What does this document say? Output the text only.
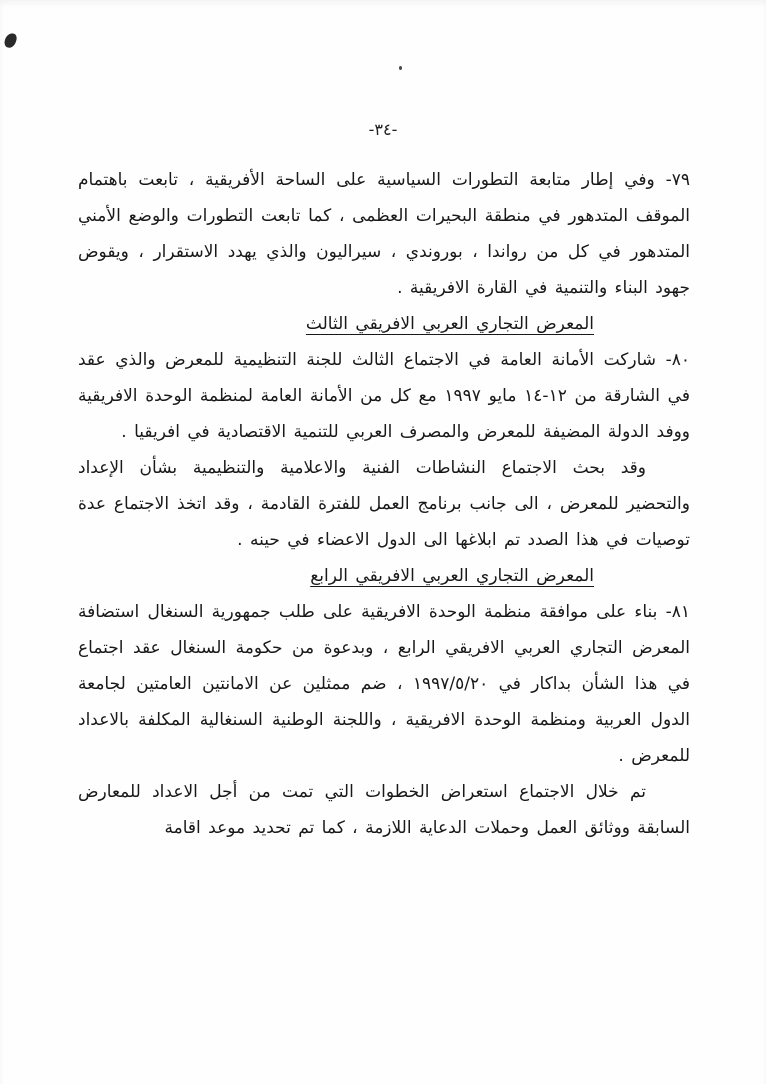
-٣٤-

٧٩- وفي إطار متابعة التطورات السياسية على الساحة الأفريقية ، تابعت باهتمام الموقف المتدهور في منطقة البحيرات العظمى ، كما تابعت التطورات والوضع الأمني المتدهور في كل من رواندا ، بوروندي ، سيراليون والذي يهدد الاستقرار ، ويقوض جهود البناء والتنمية في القارة الافريقية .

المعرض التجاري العربي الافريقي الثالث

٨٠- شاركت الأمانة العامة في الاجتماع الثالث للجنة التنظيمية للمعرض والذي عقد في الشارقة من ١٢-١٤ مايو ١٩٩٧ مع كل من الأمانة العامة لمنظمة الوحدة الافريقية ووفد الدولة المضيفة للمعرض والمصرف العربي للتنمية الاقتصادية في افريقيا .

وقد بحث الاجتماع النشاطات الفنية والاعلامية والتنظيمية بشأن الإعداد والتحضير للمعرض ، الى جانب برنامج العمل للفترة القادمة ، وقد اتخذ الاجتماع عدة توصيات في هذا الصدد تم ابلاغها الى الدول الاعضاء في حينه .

المعرض التجاري العربي الافريقي الرابع

٨١- بناء على موافقة منظمة الوحدة الافريقية على طلب جمهورية السنغال استضافة المعرض التجاري العربي الافريقي الرابع ، وبدعوة من حكومة السنغال عقد اجتماع في هذا الشأن بداكار في ١٩٩٧/٥/٢٠ ، ضم ممثلين عن الامانتين العامتين لجامعة الدول العربية ومنظمة الوحدة الافريقية ، واللجنة الوطنية السنغالية المكلفة بالاعداد للمعرض .

تم خلال الاجتماع استعراض الخطوات التي تمت من أجل الاعداد للمعارض السابقة ووثائق العمل وحملات الدعاية اللازمة ، كما تم تحديد موعد اقامة
